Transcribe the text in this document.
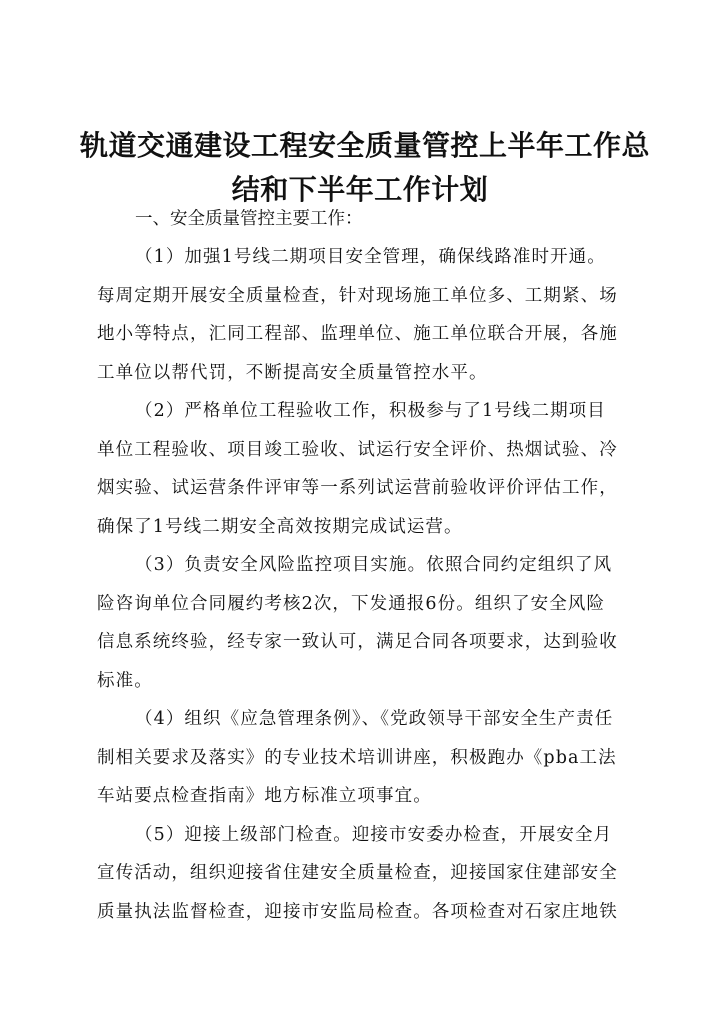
轨道交通建设工程安全质量管控上半年工作总
结和下半年工作计划

一、安全质量管控主要工作：

（1）加强1号线二期项目安全管理，确保线路准时开通。
每周定期开展安全质量检查，针对现场施工单位多、工期紧、场
地小等特点，汇同工程部、监理单位、施工单位联合开展，各施
工单位以帮代罚，不断提高安全质量管控水平。

（2）严格单位工程验收工作，积极参与了1号线二期项目
单位工程验收、项目竣工验收、试运行安全评价、热烟试验、冷
烟实验、试运营条件评审等一系列试运营前验收评价评估工作，
确保了1号线二期安全高效按期完成试运营。

（3）负责安全风险监控项目实施。依照合同约定组织了风
险咨询单位合同履约考核2次，下发通报6份。组织了安全风险
信息系统终验，经专家一致认可，满足合同各项要求，达到验收
标准。

（4）组织《应急管理条例》、《党政领导干部安全生产责任
制相关要求及落实》的专业技术培训讲座，积极跑办《pba工法
车站要点检查指南》地方标准立项事宜。

（5）迎接上级部门检查。迎接市安委办检查，开展安全月
宣传活动，组织迎接省住建安全质量检查，迎接国家住建部安全
质量执法监督检查，迎接市安监局检查。各项检查对石家庄地铁
